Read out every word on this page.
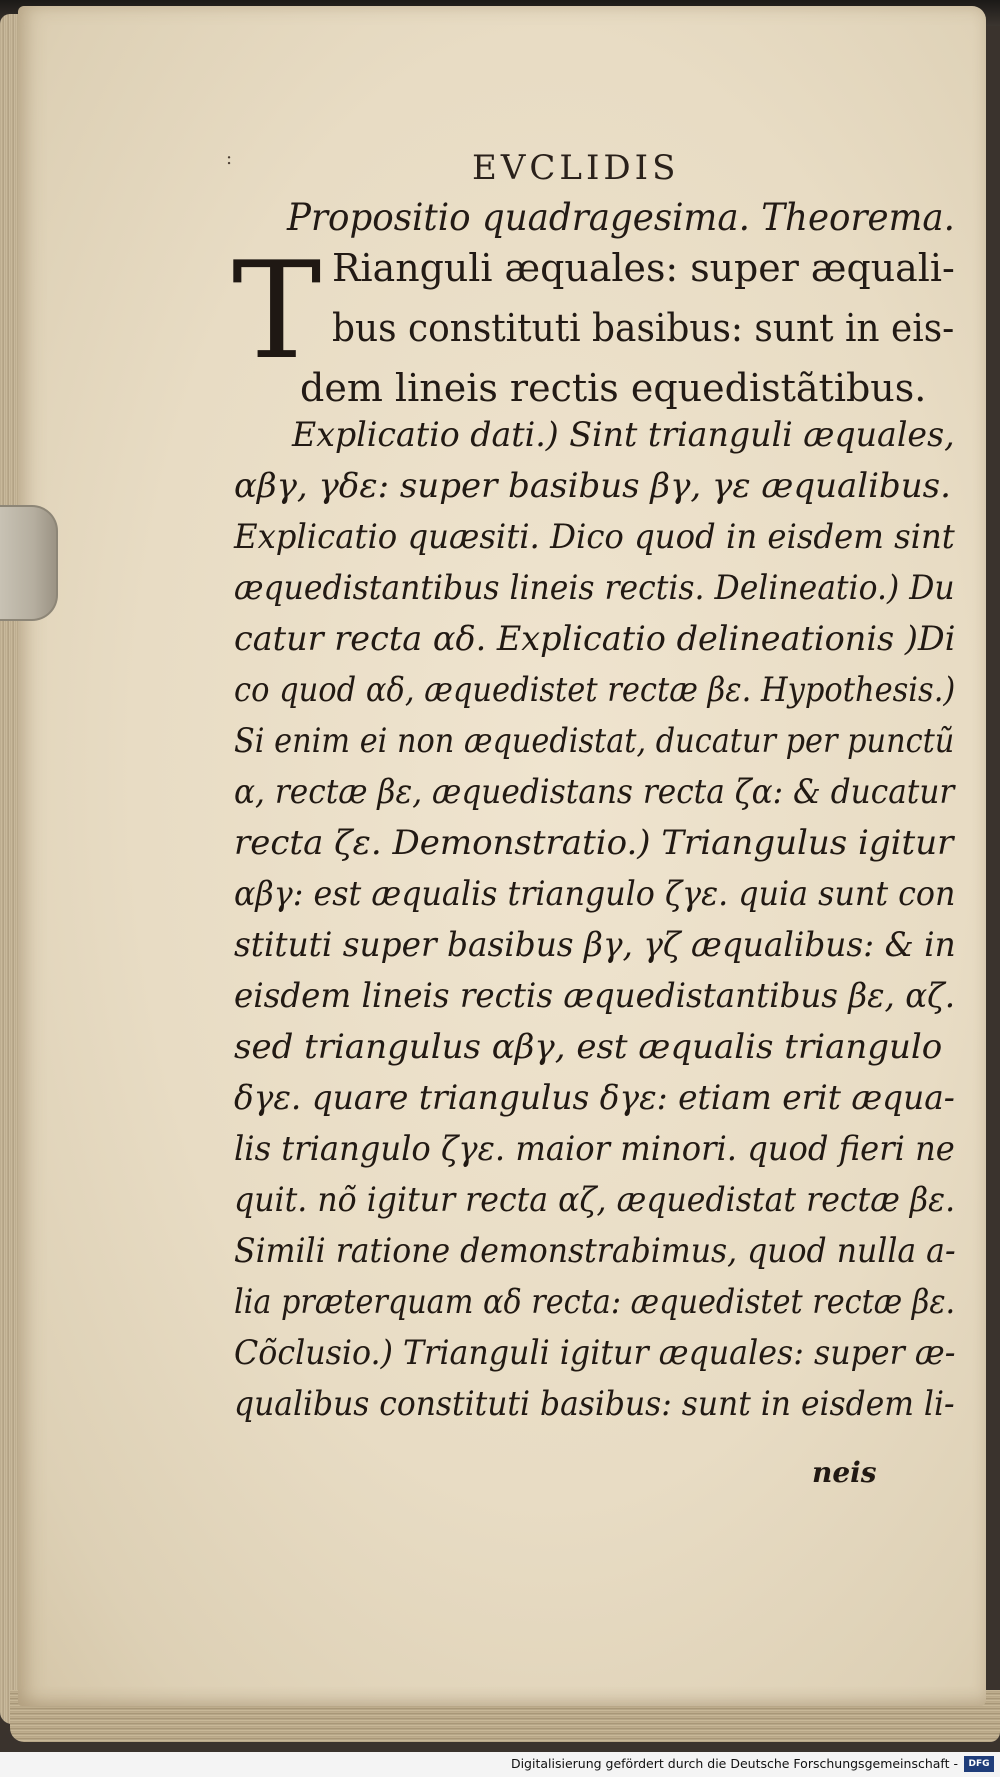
:	EVCLIDIS
Propositio quadragesima. Theorema.
T Rianguli æquales: super æquali-
bus constituti basibus: sunt in eis-
dem lineis rectis equedistãtibus.
Explicatio dati.) Sint trianguli æquales,
αβγ, γδε: super basibus βγ, γε æqualibus.
Explicatio quæsiti. Dico quod in eisdem sint
æquedistantibus lineis rectis. Delineatio.) Du
catur recta αδ. Explicatio delineationis )Di
co quod αδ, æquedistet rectæ βε. Hypothesis.)
Si enim ei non æquedistat, ducatur per punctũ
α, rectæ βε, æquedistans recta ζα: & ducatur
recta ζε. Demonstratio.) Triangulus igitur
αβγ: est æqualis triangulo ζγε. quia sunt con
stituti super basibus βγ, γζ æqualibus: & in
eisdem lineis rectis æquedistantibus βε, αζ.
sed triangulus αβγ, est æqualis triangulo
δγε. quare triangulus δγε: etiam erit æqua-
lis triangulo ζγε. maior minori. quod fieri ne
quit. nõ igitur recta αζ, æquedistat rectæ βε.
Simili ratione demonstrabimus, quod nulla a-
lia præterquam αδ recta: æquedistet rectæ βε.
Cõclusio.) Trianguli igitur æquales: super æ-
qualibus constituti basibus: sunt in eisdem li-
neis
Digitalisierung gefördert durch die Deutsche Forschungsgemeinschaft -	DFG
